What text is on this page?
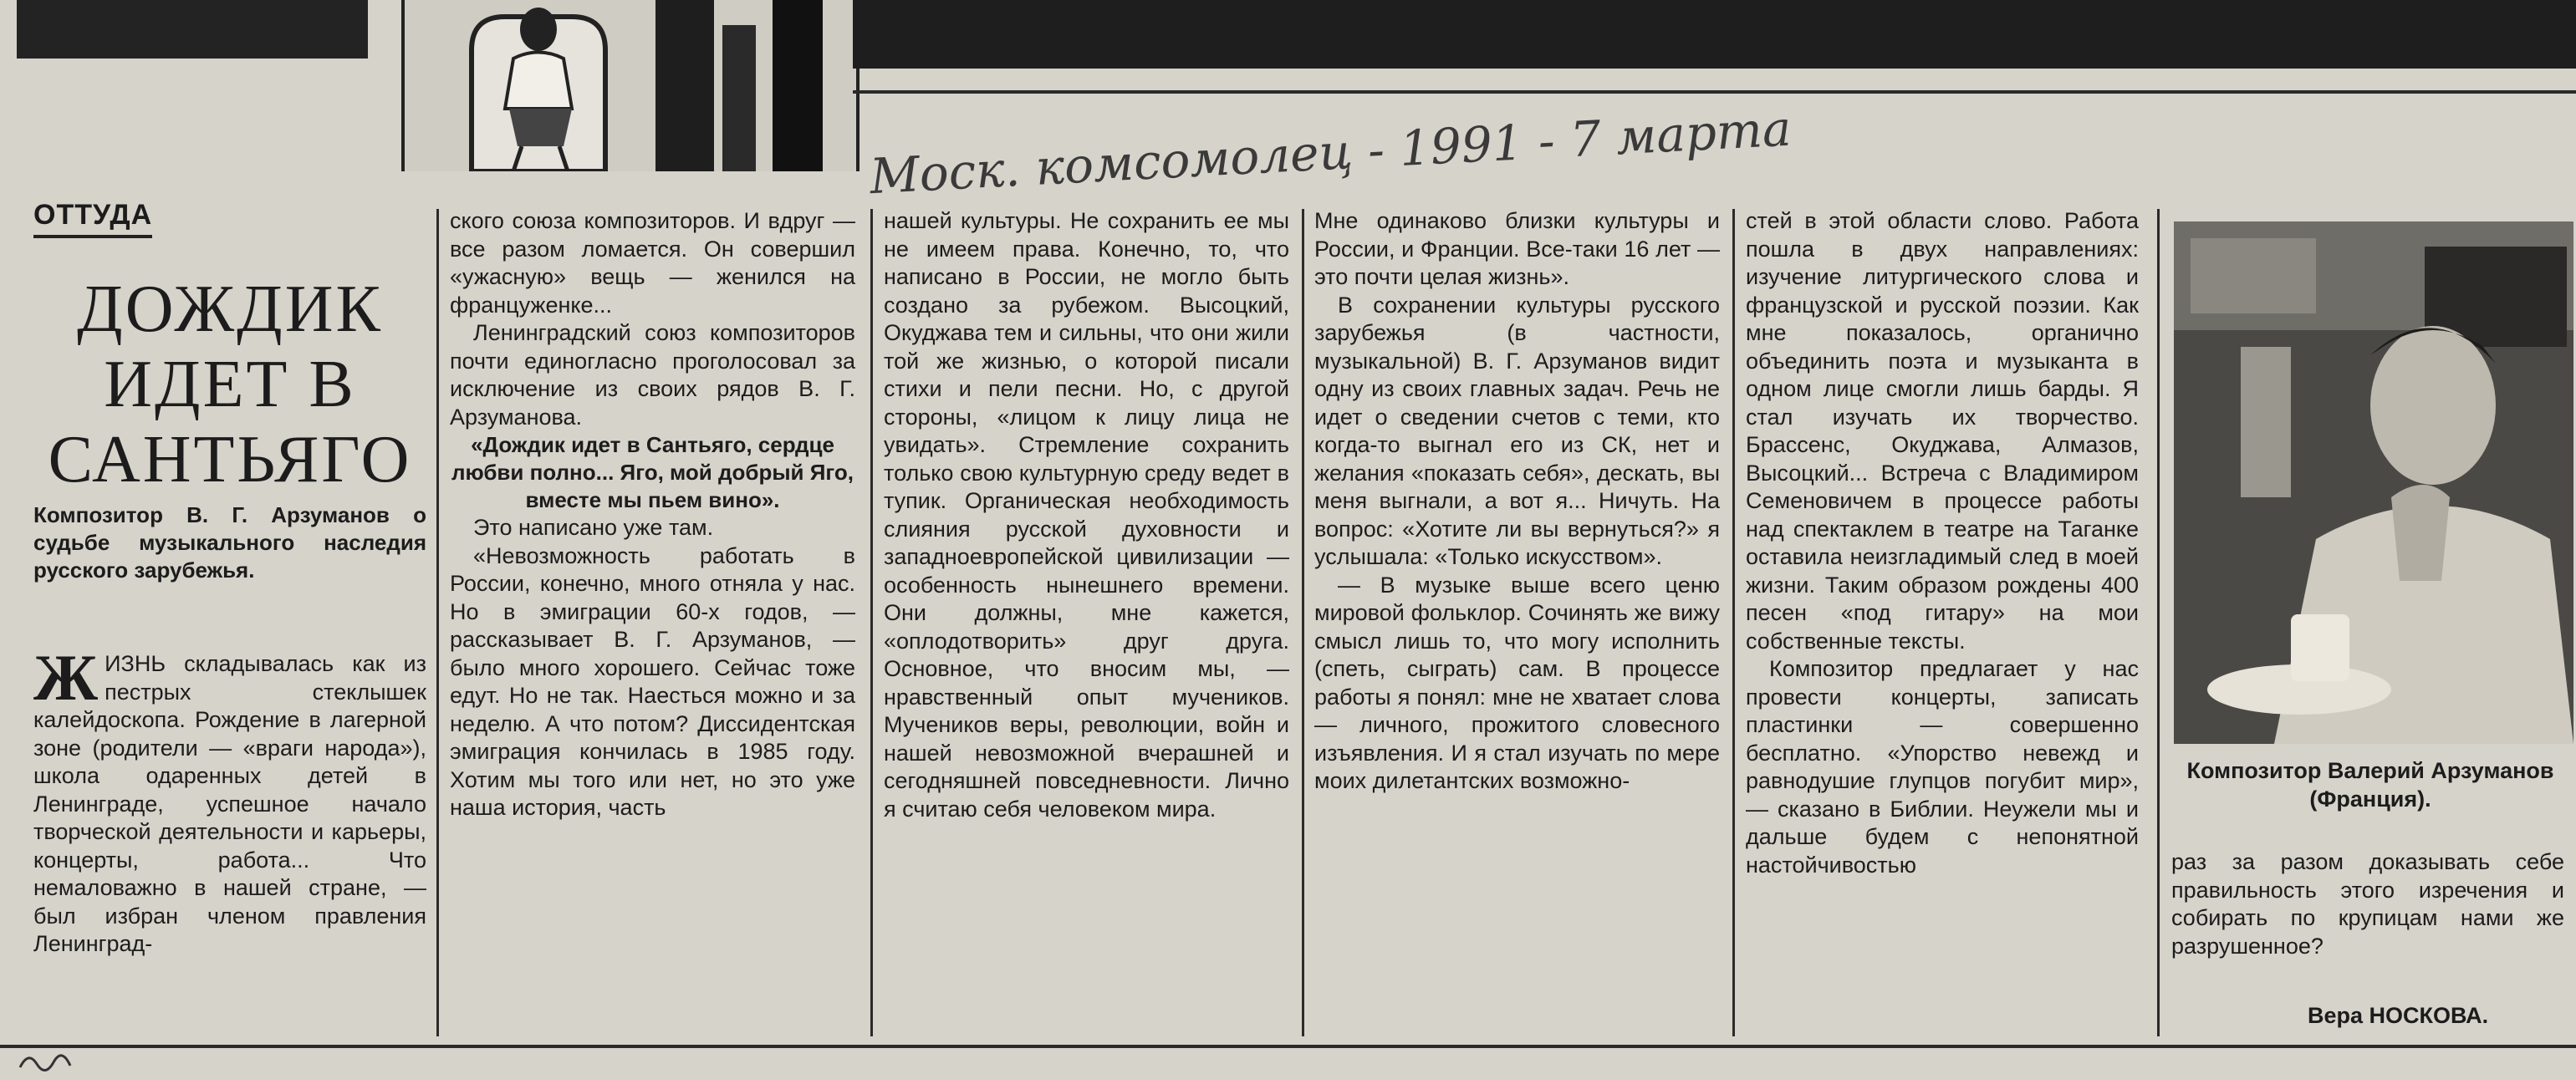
Моск. комсомолец - 1991 - 7 марта
ОТТУДА
ДОЖДИК ИДЕТ В САНТЬЯГО
Композитор В. Г. Арзуманов о судьбе музыкального наследия русского зарубежья.
Ж ИЗНЬ складывалась как из пестрых стеклышек калейдоскопа. Рождение в лагерной зоне (родители — «враги народа»), школа одаренных детей в Ленинграде, успешное начало творческой деятельности и карьеры, концерты, работа... Что немаловажно в нашей стране, — был избран членом правления Ленинград-

ского союза композиторов. И вдруг — все разом ломается. Он совершил «ужасную» вещь — женился на француженке...

Ленинградский союз композиторов почти единогласно проголосовал за исключение из своих рядов В. Г. Арзуманова.

«Дождик идет в Сантьяго, сердце любви полно... Яго, мой добрый Яго, вместе мы пьем вино».

Это написано уже там.

«Невозможность работать в России, конечно, много отняла у нас. Но в эмиграции 60-х годов, — рассказывает В. Г. Арзуманов, — было много хорошего. Сейчас тоже едут. Но не так. Наесться можно и за неделю. А что потом? Диссидентская эмиграция кончилась в 1985 году. Хотим мы того или нет, но это уже наша история, часть

нашей культуры. Не сохранить ее мы не имеем права. Конечно, то, что написано в России, не могло быть создано за рубежом. Высоцкий, Окуджава тем и сильны, что они жили той же жизнью, о которой писали стихи и пели песни. Но, с другой стороны, «лицом к лицу лица не увидать». Стремление сохранить только свою культурную среду ведет в тупик. Органическая необходимость слияния русской духовности и западноевропейской цивилизации — особенность нынешнего времени. Они должны, мне кажется, «оплодотворить» друг друга. Основное, что вносим мы, — нравственный опыт мучеников. Мучеников веры, революции, войн и нашей невозможной вчерашней и сегодняшней повседневности. Лично я считаю себя человеком мира.

Мне одинаково близки культуры и России, и Франции. Все-таки 16 лет — это почти целая жизнь».

В сохранении культуры русского зарубежья (в частности, музыкальной) В. Г. Арзуманов видит одну из своих главных задач. Речь не идет о сведении счетов с теми, кто когда-то выгнал его из СК, нет и желания «показать себя», дескать, вы меня выгнали, а вот я... Ничуть. На вопрос: «Хотите ли вы вернуться?» я услышала: «Только искусством».

— В музыке выше всего ценю мировой фольклор. Сочинять же вижу смысл лишь то, что могу исполнить (спеть, сыграть) сам. В процессе работы я понял: мне не хватает слова — личного, прожитого словесного изъявления. И я стал изучать по мере моих дилетантских возможно-

стей в этой области слово. Работа пошла в двух направлениях: изучение литургического слова и французской и русской поэзии. Как мне показалось, органично объединить поэта и музыканта в одном лице смогли лишь барды. Я стал изучать их творчество. Брассенс, Окуджава, Алмазов, Высоцкий... Встреча с Владимиром Семеновичем в процессе работы над спектаклем в театре на Таганке оставила неизгладимый след в моей жизни. Таким образом рождены 400 песен «под гитару» на мои собственные тексты.

Композитор предлагает у нас провести концерты, записать пластинки — совершенно бесплатно. «Упорство невежд и равнодушие глупцов погубит мир», — сказано в Библии. Неужели мы и дальше будем с непонятной настойчивостью

Композитор Валерий Арзуманов (Франция).

раз за разом доказывать себе правильность этого изречения и собирать по крупицам нами же разрушенное?

Вера НОСКОВА.
